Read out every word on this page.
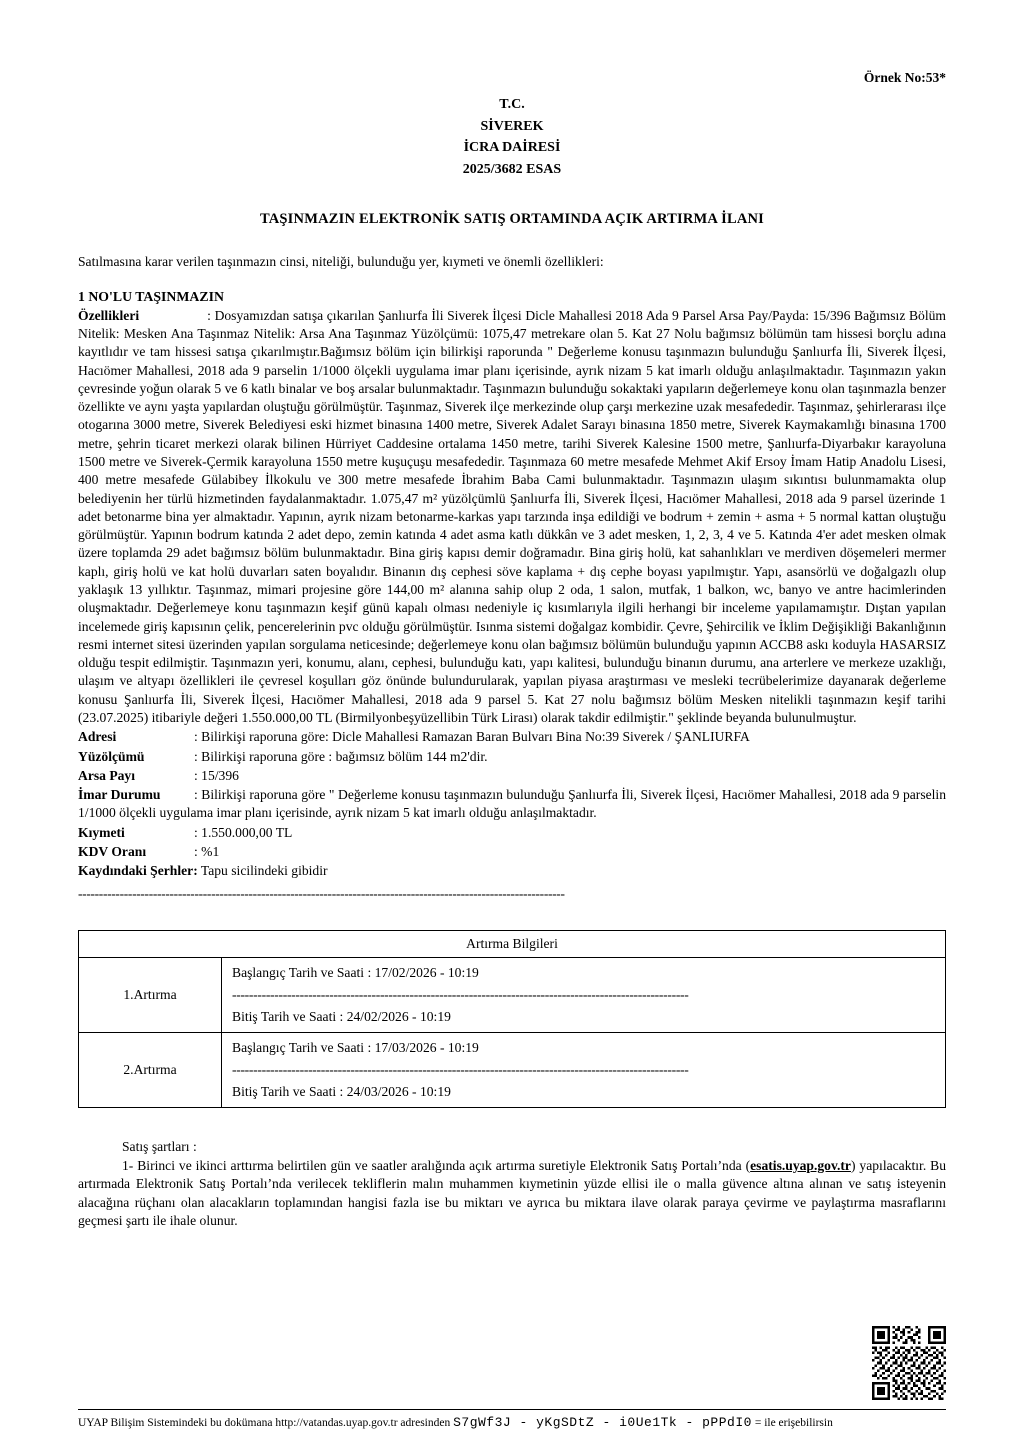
Örnek No:53*
T.C.
SİVEREK
İCRA DAİRESİ
2025/3682 ESAS
TAŞINMAZIN ELEKTRONİK SATIŞ ORTAMINDA AÇIK ARTIRMA İLANI
Satılmasına karar verilen taşınmazın cinsi, niteliği, bulunduğu yer, kıymeti ve önemli özellikleri:
1 NO'LU TAŞINMAZIN
Özellikleri	: Dosyamızdan satışa çıkarılan Şanlıurfa İli Siverek İlçesi Dicle Mahallesi 2018 Ada 9 Parsel Arsa Pay/Payda: 15/396 Bağımsız Bölüm Nitelik: Mesken Ana Taşınmaz Nitelik: Arsa Ana Taşınmaz Yüzölçümü: 1075,47 metrekare olan 5. Kat 27 Nolu bağımsız bölümün tam hissesi borçlu adına kayıtlıdır ve tam hissesi satışa çıkarılmıştır.Bağımsız bölüm için bilirkişi raporunda " Değerleme konusu taşınmazın bulunduğu Şanlıurfa İli, Siverek İlçesi, Hacıömer Mahallesi, 2018 ada 9 parselin 1/1000 ölçekli uygulama imar planı içerisinde, ayrık nizam 5 kat imarlı olduğu anlaşılmaktadır. Taşınmazın yakın çevresinde yoğun olarak 5 ve 6 katlı binalar ve boş arsalar bulunmaktadır. Taşınmazın bulunduğu sokaktaki yapıların değerlemeye konu olan taşınmazla benzer özellikte ve aynı yaşta yapılardan oluştuğu görülmüştür. Taşınmaz, Siverek ilçe merkezinde olup çarşı merkezine uzak mesafededir. Taşınmaz, şehirlerarası ilçe otogarına 3000 metre, Siverek Belediyesi eski hizmet binasına 1400 metre, Siverek Adalet Sarayı binasına 1850 metre, Siverek Kaymakamlığı binasına 1700 metre, şehrin ticaret merkezi olarak bilinen Hürriyet Caddesine ortalama 1450 metre, tarihi Siverek Kalesine 1500 metre, Şanlıurfa-Diyarbakır karayoluna 1500 metre ve Siverek-Çermik karayoluna 1550 metre kuşuçuşu mesafededir. Taşınmaza 60 metre mesafede Mehmet Akif Ersoy İmam Hatip Anadolu Lisesi, 400 metre mesafede Gülabibey İlkokulu ve 300 metre mesafede İbrahim Baba Cami bulunmaktadır. Taşınmazın ulaşım sıkıntısı bulunmamakta olup belediyenin her türlü hizmetinden faydalanmaktadır. 1.075,47 m² yüzölçümlü Şanlıurfa İli, Siverek İlçesi, Hacıömer Mahallesi, 2018 ada 9 parsel üzerinde 1 adet betonarme bina yer almaktadır. Yapının, ayrık nizam betonarme-karkas yapı tarzında inşa edildiği ve bodrum + zemin + asma + 5 normal kattan oluştuğu görülmüştür. Yapının bodrum katında 2 adet depo, zemin katında 4 adet asma katlı dükkân ve 3 adet mesken, 1, 2, 3, 4 ve 5. Katında 4'er adet mesken olmak üzere toplamda 29 adet bağımsız bölüm bulunmaktadır. Bina giriş kapısı demir doğramadır. Bina giriş holü, kat sahanlıkları ve merdiven döşemeleri mermer kaplı, giriş holü ve kat holü duvarları saten boyalıdır. Binanın dış cephesi söve kaplama + dış cephe boyası yapılmıştır. Yapı, asansörlü ve doğalgazlı olup yaklaşık 13 yıllıktır. Taşınmaz, mimari projesine göre 144,00 m² alanına sahip olup 2 oda, 1 salon, mutfak, 1 balkon, wc, banyo ve antre hacimlerinden oluşmaktadır. Değerlemeye konu taşınmazın keşif günü kapalı olması nedeniyle iç kısımlarıyla ilgili herhangi bir inceleme yapılamamıştır. Dıştan yapılan incelemede giriş kapısının çelik, pencerelerinin pvc olduğu görülmüştür. Isınma sistemi doğalgaz kombidir. Çevre, Şehircilik ve İklim Değişikliği Bakanlığının resmi internet sitesi üzerinden yapılan sorgulama neticesinde; değerlemeye konu olan bağımsız bölümün bulunduğu yapının ACCB8 askı koduyla HASARSIZ olduğu tespit edilmiştir. Taşınmazın yeri, konumu, alanı, cephesi, bulunduğu katı, yapı kalitesi, bulunduğu binanın durumu, ana arterlere ve merkeze uzaklığı, ulaşım ve altyapı özellikleri ile çevresel koşulları göz önünde bulundurularak, yapılan piyasa araştırması ve mesleki tecrübelerimize dayanarak değerleme konusu Şanlıurfa İli, Siverek İlçesi, Hacıömer Mahallesi, 2018 ada 9 parsel 5. Kat 27 nolu bağımsız bölüm Mesken nitelikli taşınmazın keşif tarihi (23.07.2025) itibariyle değeri 1.550.000,00 TL (Birmilyonbeşyüzellibin Türk Lirası) olarak takdir edilmiştir." şeklinde beyanda bulunulmuştur.
Adresi	: Bilirkişi raporuna göre: Dicle Mahallesi Ramazan Baran Bulvarı Bina No:39 Siverek / ŞANLIURFA
Yüzölçümü	: Bilirkişi raporuna göre : bağımsız bölüm 144 m2'dir.
Arsa Payı	: 15/396
İmar Durumu : Bilirkişi raporuna göre " Değerleme konusu taşınmazın bulunduğu Şanlıurfa İli, Siverek İlçesi, Hacıömer Mahallesi, 2018 ada 9 parselin 1/1000 ölçekli uygulama imar planı içerisinde, ayrık nizam 5 kat imarlı olduğu anlaşılmaktadır.
Kıymeti	: 1.550.000,00 TL
KDV Oranı	: %1
Kaydındaki Şerhler: Tapu sicilindeki gibidir
---------------------------------------------------------------------------------------------------------------------
Artırma Bilgileri	
1.Artırma	Başlangıç Tarih ve Saati : 17/02/2026 - 10:19
------------------------------------------------------------------------------------------------------------
Bitiş Tarih ve Saati : 24/02/2026 - 10:19

2.Artırma	Başlangıç Tarih ve Saati : 17/03/2026 - 10:19
------------------------------------------------------------------------------------------------------------
Bitiş Tarih ve Saati : 24/03/2026 - 10:19
Satış şartları :
1- Birinci ve ikinci arttırma belirtilen gün ve saatler aralığında açık artırma suretiyle Elektronik Satış Portalı’nda (esatis.uyap.gov.tr) yapılacaktır. Bu artırmada Elektronik Satış Portalı’nda verilecek tekliflerin malın muhammen kıymetinin yüzde ellisi ile o malla güvence altına alınan ve satış isteyenin alacağına rüçhanı olan alacakların toplamından hangisi fazla ise bu miktarı ve ayrıca bu miktara ilave olarak paraya çevirme ve paylaştırma masraflarını geçmesi şartı ile ihale olunur.
UYAP Bilişim Sistemindeki bu dokümana http://vatandas.uyap.gov.tr adresinden S7gWf3J - yKgSDtZ - i0Ue1Tk - pPPdI0 = ile erişebilirsin
